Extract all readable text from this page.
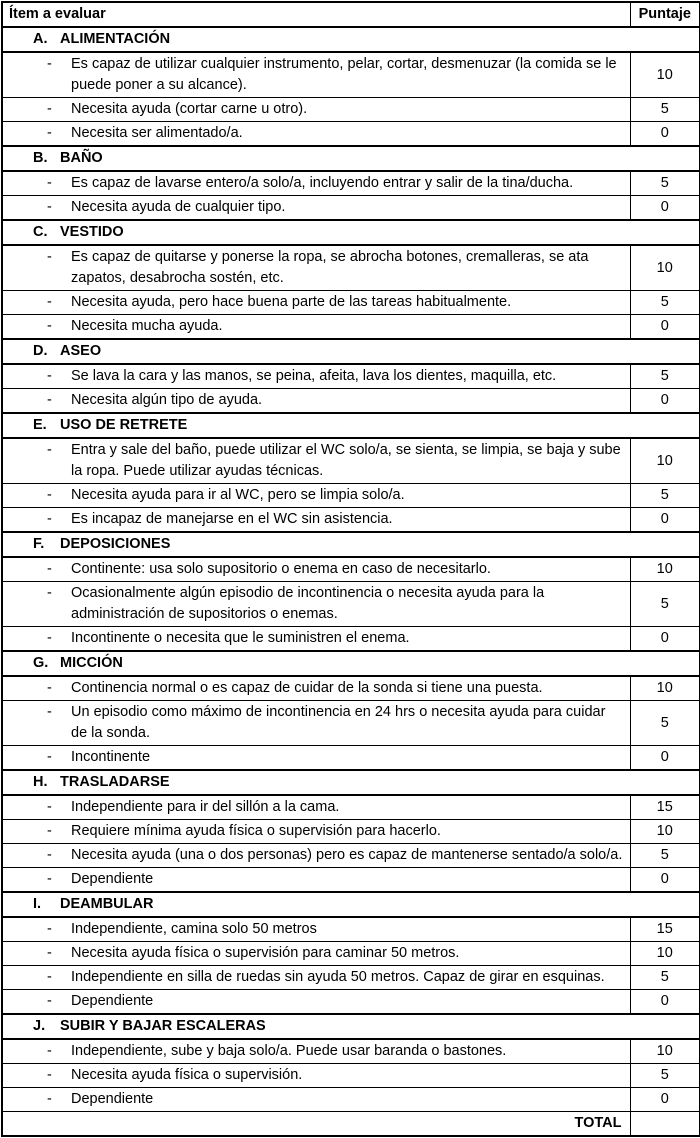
Ítem a evaluar	Puntaje

A. ALIMENTACIÓN	

- Es capaz de utilizar cualquier instrumento, pelar, cortar, desmenuzar (la comida se le puede poner a su alcance).	10

- Necesita ayuda (cortar carne u otro).	5

- Necesita ser alimentado/a.	0

B. BAÑO	

- Es capaz de lavarse entero/a solo/a, incluyendo entrar y salir de la tina/ducha.	5

- Necesita ayuda de cualquier tipo.	0

C. VESTIDO	

- Es capaz de quitarse y ponerse la ropa, se abrocha botones, cremalleras, se ata zapatos, desabrocha sostén, etc.	10

- Necesita ayuda, pero hace buena parte de las tareas habitualmente.	5

- Necesita mucha ayuda.	0

D. ASEO	

- Se lava la cara y las manos, se peina, afeita, lava los dientes, maquilla, etc.	5

- Necesita algún tipo de ayuda.	0

E. USO DE RETRETE	

- Entra y sale del baño, puede utilizar el WC solo/a, se sienta, se limpia, se baja y sube la ropa. Puede utilizar ayudas técnicas.	10

- Necesita ayuda para ir al WC, pero se limpia solo/a.	5

- Es incapaz de manejarse en el WC sin asistencia.	0

F. DEPOSICIONES	

- Continente: usa solo supositorio o enema en caso de necesitarlo.	10

- Ocasionalmente algún episodio de incontinencia o necesita ayuda para la administración de supositorios o enemas.	5

- Incontinente o necesita que le suministren el enema.	0

G. MICCIÓN	

- Continencia normal o es capaz de cuidar de la sonda si tiene una puesta.	10

- Un episodio como máximo de incontinencia en 24 hrs o necesita ayuda para cuidar de la sonda.	5

- Incontinente	0

H. TRASLADARSE	

- Independiente para ir del sillón a la cama.	15

- Requiere mínima ayuda física o supervisión para hacerlo.	10

- Necesita ayuda (una o dos personas) pero es capaz de mantenerse sentado/a solo/a.	5

- Dependiente	0

I. DEAMBULAR	

- Independiente, camina solo 50 metros	15

- Necesita ayuda física o supervisión para caminar 50 metros.	10

- Independiente en silla de ruedas sin ayuda 50 metros. Capaz de girar en esquinas.	5

- Dependiente	0

J. SUBIR Y BAJAR ESCALERAS	

- Independiente, sube y baja solo/a. Puede usar baranda o bastones.	10

- Necesita ayuda física o supervisión.	5

- Dependiente	0
TOTAL	
